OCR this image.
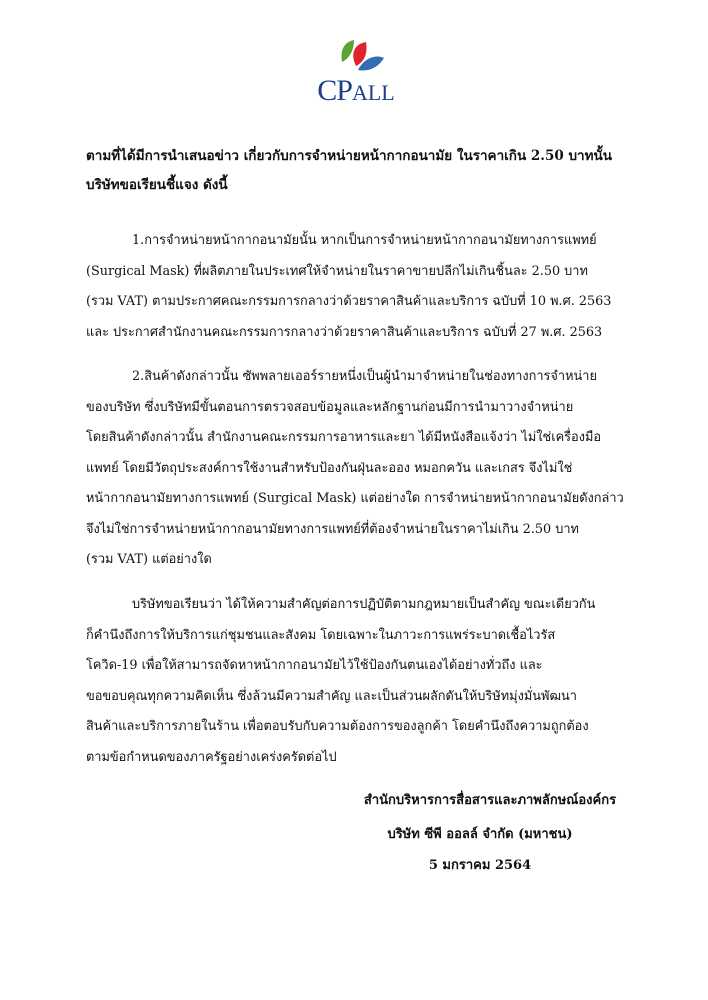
CPALL
ตามที่ได้มีการนำเสนอข่าว เกี่ยวกับการจำหน่ายหน้ากากอนามัย ในราคาเกิน 2.50 บาทนั้น
บริษัทขอเรียนชี้แจง ดังนี้
1.การจำหน่ายหน้ากากอนามัยนั้น หากเป็นการจำหน่ายหน้ากากอนามัยทางการแพทย์
(Surgical Mask) ที่ผลิตภายในประเทศให้จำหน่ายในราคาขายปลีกไม่เกินชิ้นละ 2.50 บาท
(รวม VAT) ตามประกาศคณะกรรมการกลางว่าด้วยราคาสินค้าและบริการ ฉบับที่ 10 พ.ศ. 2563
และ ประกาศสำนักงานคณะกรรมการกลางว่าด้วยราคาสินค้าและบริการ ฉบับที่ 27 พ.ศ. 2563
2.สินค้าดังกล่าวนั้น ซัพพลายเออร์รายหนึ่งเป็นผู้นำมาจำหน่ายในช่องทางการจำหน่าย
ของบริษัท ซึ่งบริษัทมีขั้นตอนการตรวจสอบข้อมูลและหลักฐานก่อนมีการนำมาวางจำหน่าย
โดยสินค้าดังกล่าวนั้น สำนักงานคณะกรรมการอาหารและยา ได้มีหนังสือแจ้งว่า ไม่ใช่เครื่องมือ
แพทย์ โดยมีวัตถุประสงค์การใช้งานสำหรับป้องกันฝุ่นละออง หมอกควัน และเกสร จึงไม่ใช่
หน้ากากอนามัยทางการแพทย์ (Surgical Mask) แต่อย่างใด การจำหน่ายหน้ากากอนามัยดังกล่าว
จึงไม่ใช่การจำหน่ายหน้ากากอนามัยทางการแพทย์ที่ต้องจำหน่ายในราคาไม่เกิน 2.50 บาท
(รวม VAT) แต่อย่างใด
บริษัทขอเรียนว่า ได้ให้ความสำคัญต่อการปฏิบัติตามกฎหมายเป็นสำคัญ ขณะเดียวกัน
ก็คำนึงถึงการให้บริการแก่ชุมชนและสังคม โดยเฉพาะในภาวะการแพร่ระบาดเชื้อไวรัส
โควิด-19 เพื่อให้สามารถจัดหาหน้ากากอนามัยไว้ใช้ป้องกันตนเองได้อย่างทั่วถึง และ
ขอขอบคุณทุกความคิดเห็น ซึ่งล้วนมีความสำคัญ และเป็นส่วนผลักดันให้บริษัทมุ่งมั่นพัฒนา
สินค้าและบริการภายในร้าน เพื่อตอบรับกับความต้องการของลูกค้า โดยคำนึงถึงความถูกต้อง
ตามข้อกำหนดของภาครัฐอย่างเคร่งครัดต่อไป
สำนักบริหารการสื่อสารและภาพลักษณ์องค์กร
บริษัท ซีพี ออลล์ จำกัด (มหาชน)
5 มกราคม 2564
